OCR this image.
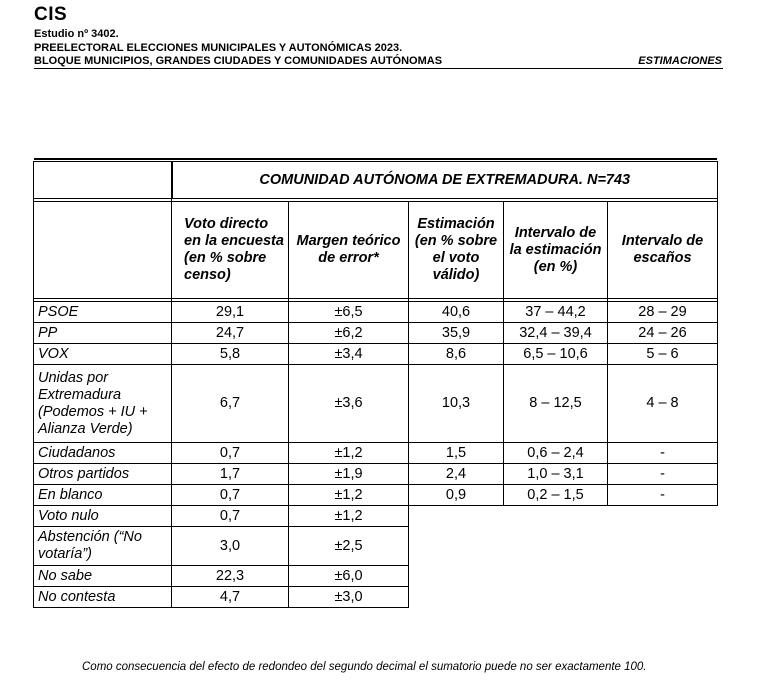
CIS
Estudio nº 3402.
PREELECTORAL ELECCIONES MUNICIPALES Y AUTONÓMICAS 2023.
BLOQUE MUNICIPIOS, GRANDES CIUDADES Y COMUNIDADES AUTÓNOMAS	ESTIMACIONES
	COMUNIDAD AUTÓNOMA DE EXTREMADURA. N=743				

	Voto directo en la encuesta (en % sobre censo)	Margen teórico de error*	Estimación (en % sobre el voto válido)	Intervalo de la estimación (en %)	Intervalo de escaños

PSOE	29,1	±6,5	40,6	37 – 44,2	28 – 29
PP	24,7	±6,2	35,9	32,4 – 39,4	24 – 26
VOX	5,8	±3,4	8,6	6,5 – 10,6	5 – 6
Unidas por Extremadura (Podemos + IU + Alianza Verde)	6,7	±3,6	10,3	8 – 12,5	4 – 8
Ciudadanos	0,7	±1,2	1,5	0,6 – 2,4	-
Otros partidos	1,7	±1,9	2,4	1,0 – 3,1	-
En blanco	0,7	±1,2	0,9	0,2 – 1,5	-
Voto nulo	0,7	±1,2			
Abstención (“No votaría”)	3,0	±2,5			
No sabe	22,3	±6,0			
No contesta	4,7	±3,0			
Como consecuencia del efecto de redondeo del segundo decimal el sumatorio puede no ser exactamente 100.
